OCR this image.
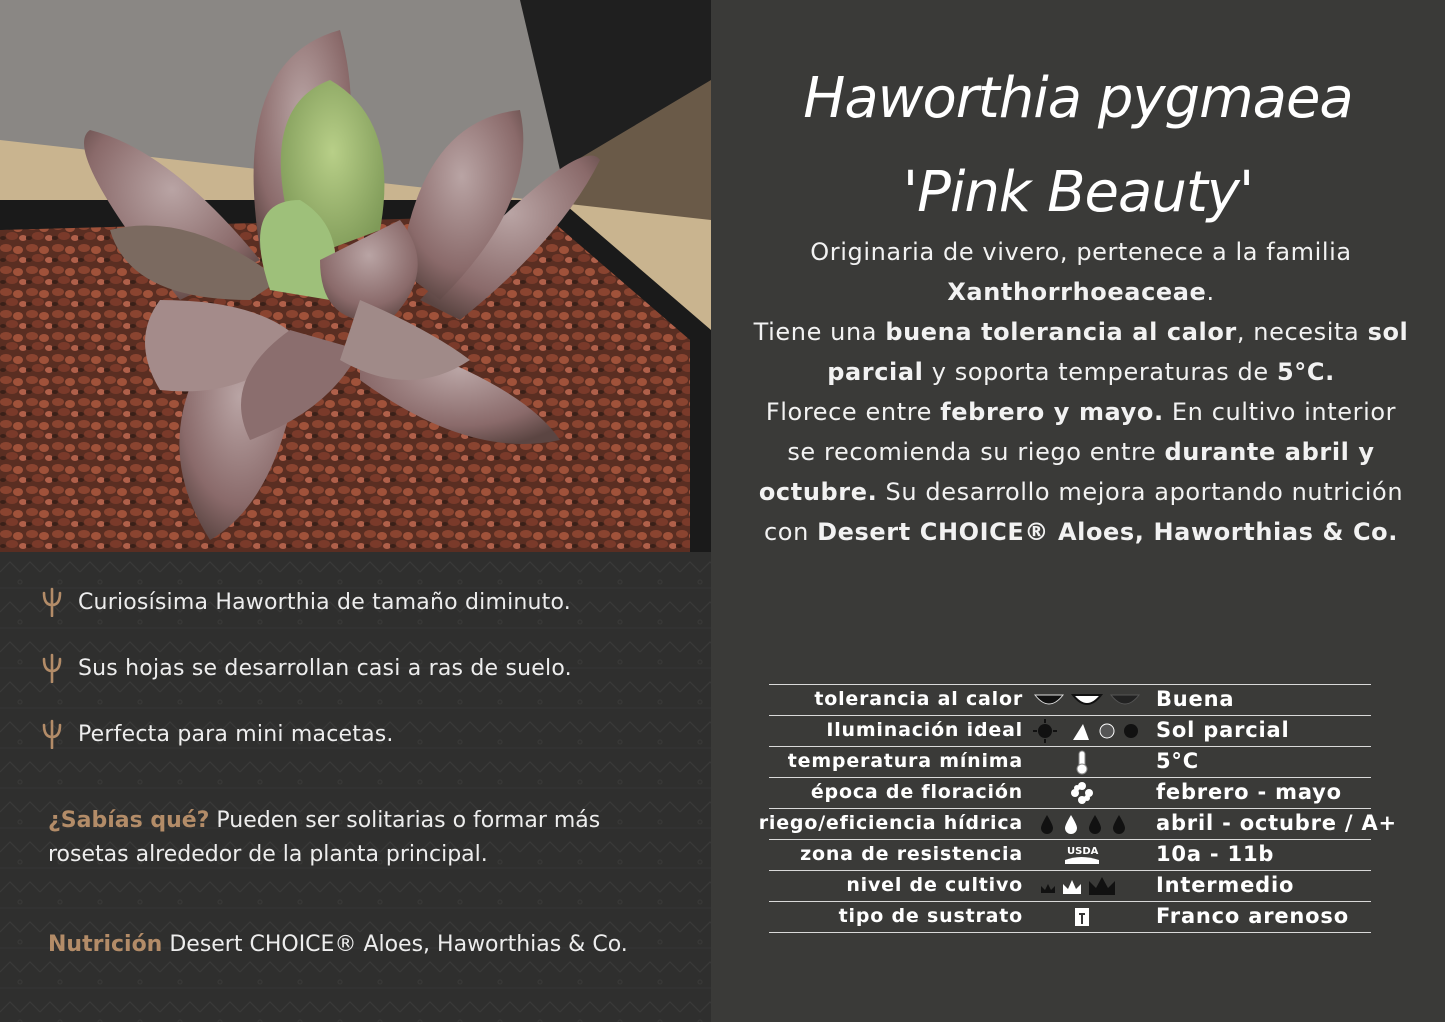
Curiosísima Haworthia de tamaño diminuto.
Sus hojas se desarrollan casi a ras de suelo.
Perfecta para mini macetas.
¿Sabías qué? Pueden ser solitarias o formar más rosetas alrededor de la planta principal.
Nutrición Desert CHOICE® Aloes, Haworthias & Co.
Haworthia pygmaea
'Pink Beauty'
Originaria de vivero, pertenece a la familia
Xanthorrhoeaceae.
Tiene una buena tolerancia al calor, necesita sol parcial y soporta temperaturas de 5°C.
Florece entre febrero y mayo. En cultivo interior se recomienda su riego entre durante abril y octubre. Su desarrollo mejora aportando nutrición con Desert CHOICE® Aloes, Haworthias & Co.
tolerancia al calor	Buena
Iluminación ideal	Sol parcial
temperatura mínima	5°C
época de floración	febrero - mayo
riego/eficiencia hídrica	abril - octubre / A+
zona de resistencia	USDA	10a - 11b
nivel de cultivo	Intermedio
tipo de sustrato	Franco arenoso
